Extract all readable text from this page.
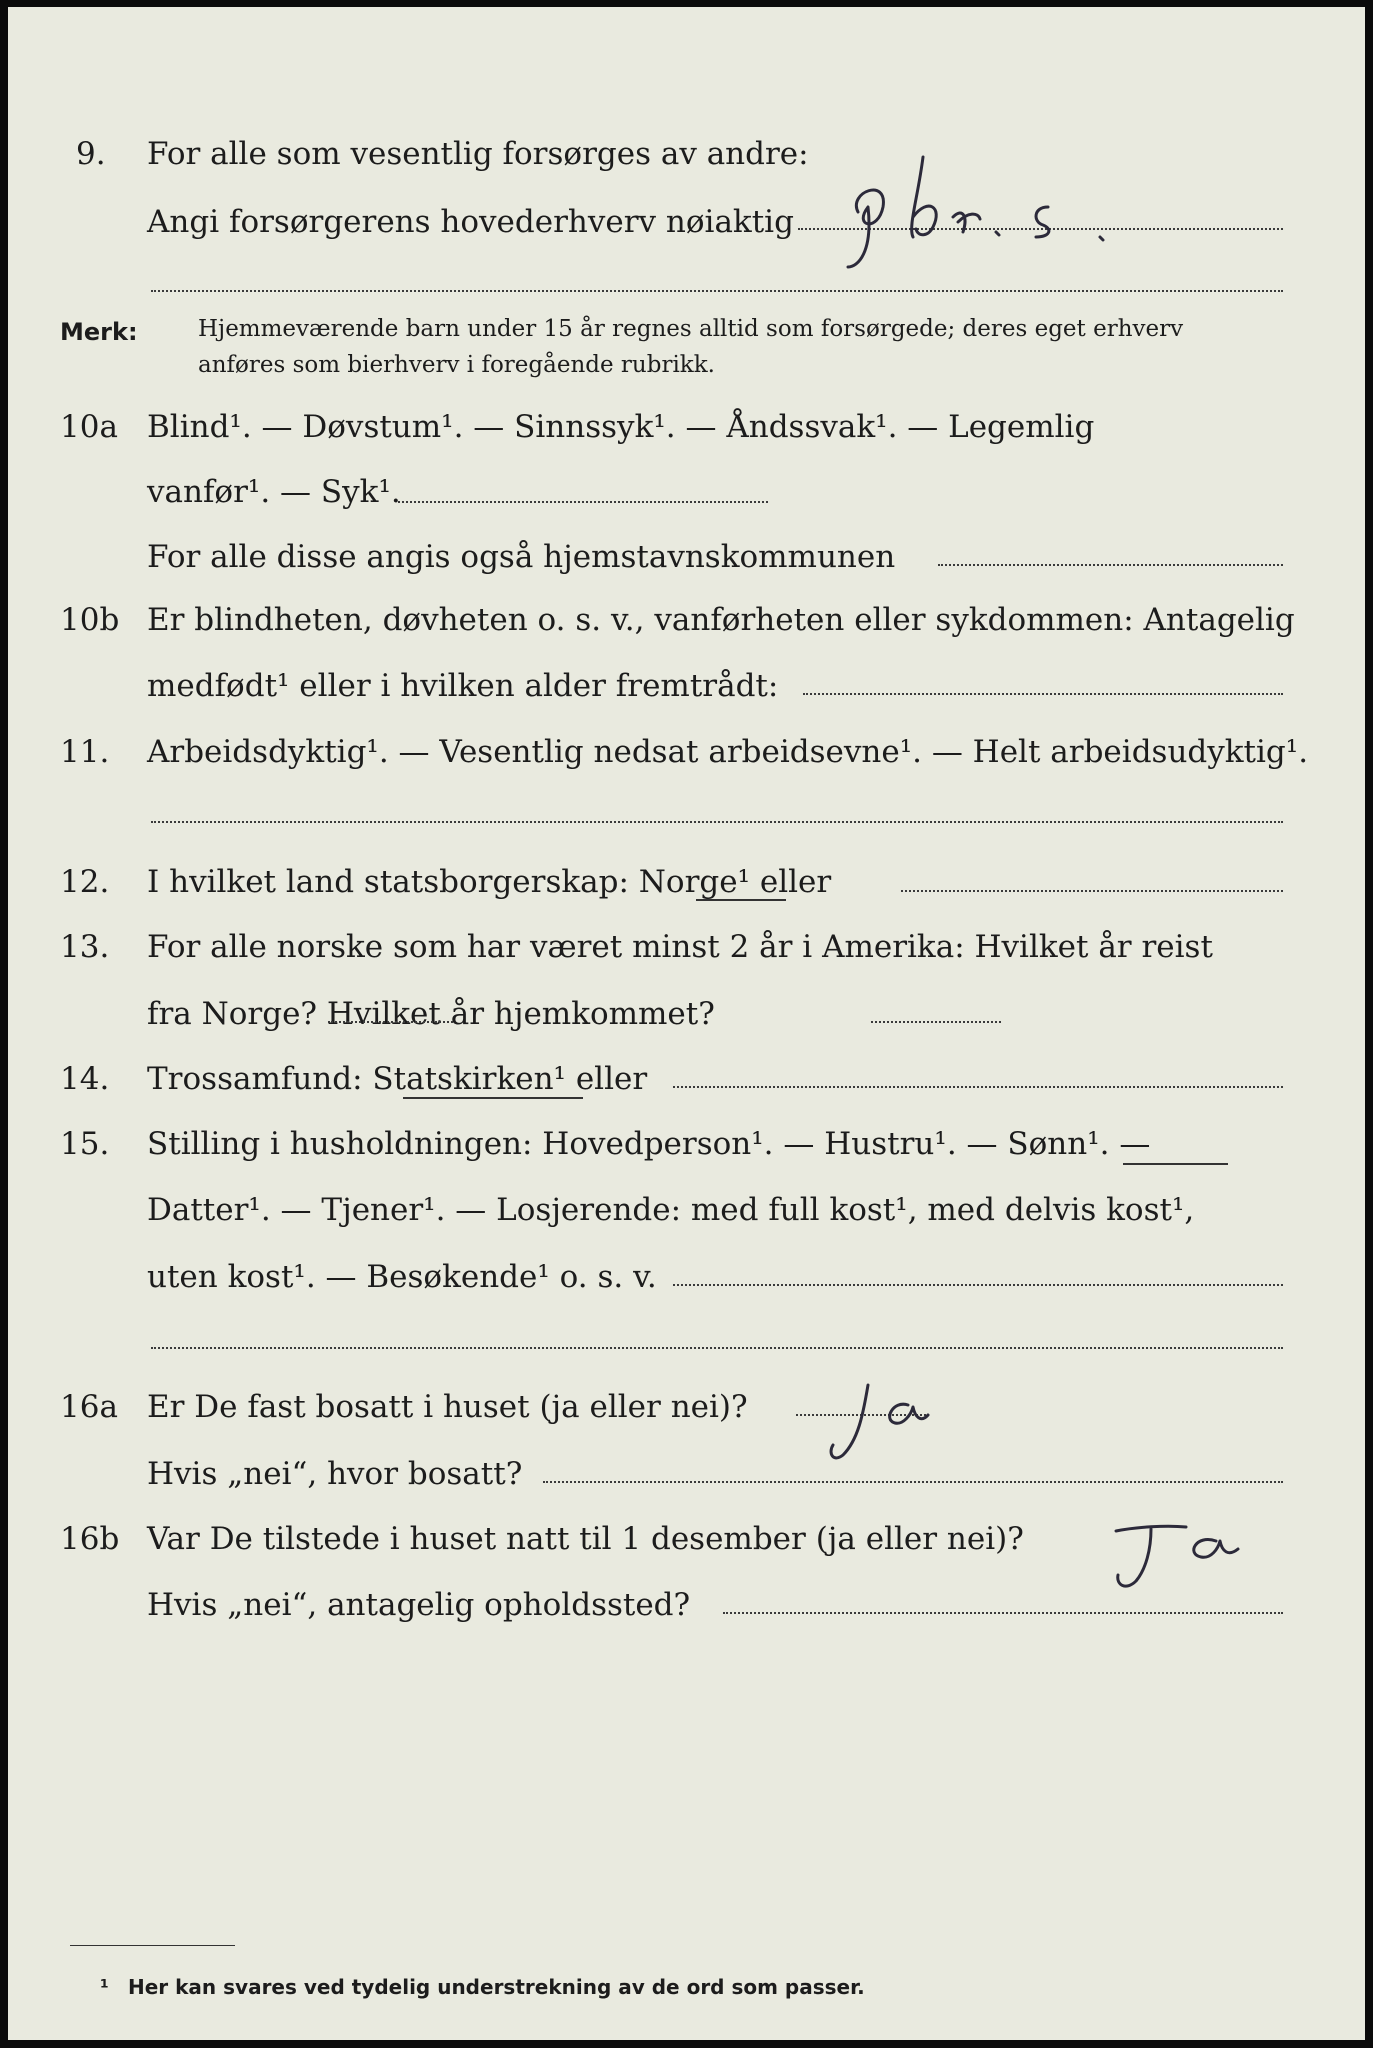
9. For alle som vesentlig forsørges av andre:
Angi forsørgerens hovederhverv nøiaktig
Merk:	Hjemmeværende barn under 15 år regnes alltid som forsørgede; deres eget erhverv
anføres som bierhverv i foregående rubrikk.
10a Blind¹. — Døvstum¹. — Sinnssyk¹. — Åndssvak¹. — Legemlig
vanfør¹. — Syk¹.
For alle disse angis også hjemstavnskommunen
10b Er blindheten, døvheten o. s. v., vanførheten eller sykdommen: Antagelig
medfødt¹ eller i hvilken alder fremtrådt:
11. Arbeidsdyktig¹. — Vesentlig nedsat arbeidsevne¹. — Helt arbeidsudyktig¹.
12. I hvilket land statsborgerskap: Norge¹ eller
13. For alle norske som har været minst 2 år i Amerika: Hvilket år reist
fra Norge? Hvilket år hjemkommet?
14. Trossamfund: Statskirken¹ eller
15. Stilling i husholdningen: Hovedperson¹. — Hustru¹. — Sønn¹. —
Datter¹. — Tjener¹. — Losjerende: med full kost¹, med delvis kost¹,
uten kost¹. — Besøkende¹ o. s. v.
16a Er De fast bosatt i huset (ja eller nei)?
Hvis „nei“, hvor bosatt?
16b Var De tilstede i huset natt til 1 desember (ja eller nei)?
Hvis „nei“, antagelig opholdssted?
¹ Her kan svares ved tydelig understrekning av de ord som passer.
